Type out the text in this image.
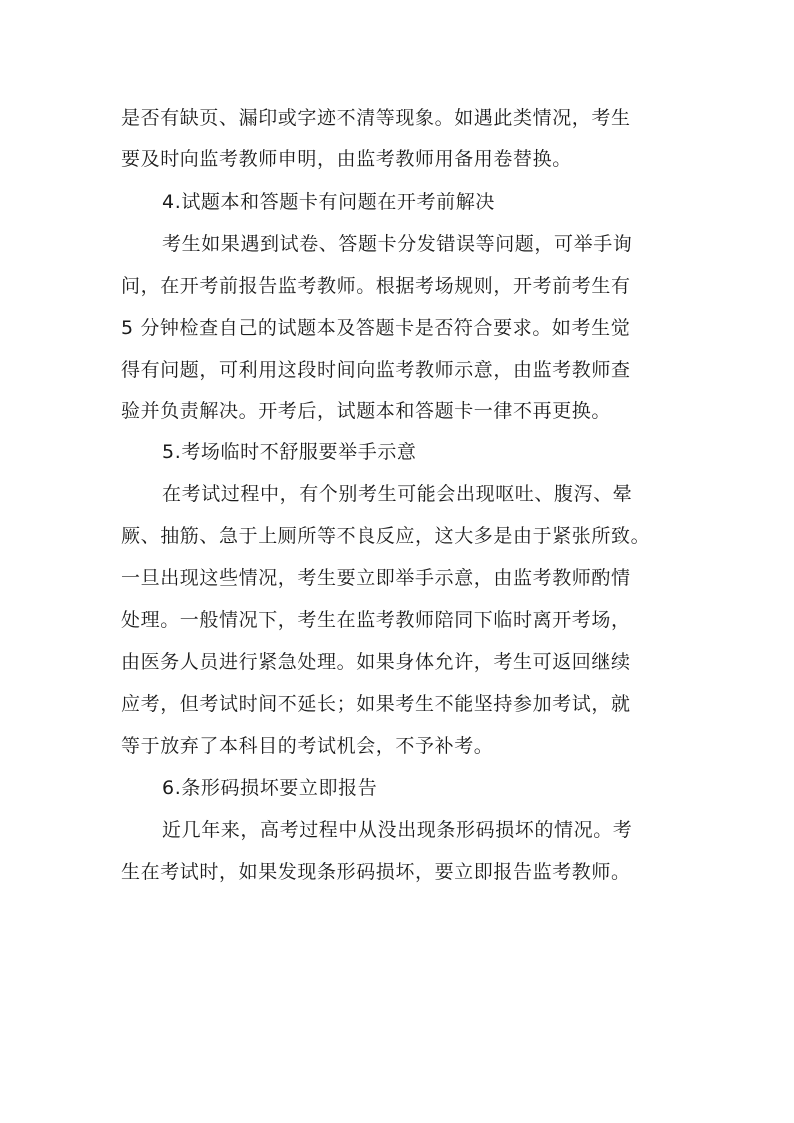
是否有缺页、漏印或字迹不清等现象。如遇此类情况，考生
要及时向监考教师申明，由监考教师用备用卷替换。
4.试题本和答题卡有问题在开考前解决
考生如果遇到试卷、答题卡分发错误等问题，可举手询
问，在开考前报告监考教师。根据考场规则，开考前考生有
5 分钟检查自己的试题本及答题卡是否符合要求。如考生觉
得有问题，可利用这段时间向监考教师示意，由监考教师查
验并负责解决。开考后，试题本和答题卡一律不再更换。
5.考场临时不舒服要举手示意
在考试过程中，有个别考生可能会出现呕吐、腹泻、晕
厥、抽筋、急于上厕所等不良反应，这大多是由于紧张所致。
一旦出现这些情况，考生要立即举手示意，由监考教师酌情
处理。一般情况下，考生在监考教师陪同下临时离开考场，
由医务人员进行紧急处理。如果身体允许，考生可返回继续
应考，但考试时间不延长；如果考生不能坚持参加考试，就
等于放弃了本科目的考试机会，不予补考。
6.条形码损坏要立即报告
近几年来，高考过程中从没出现条形码损坏的情况。考
生在考试时，如果发现条形码损坏，要立即报告监考教师。
